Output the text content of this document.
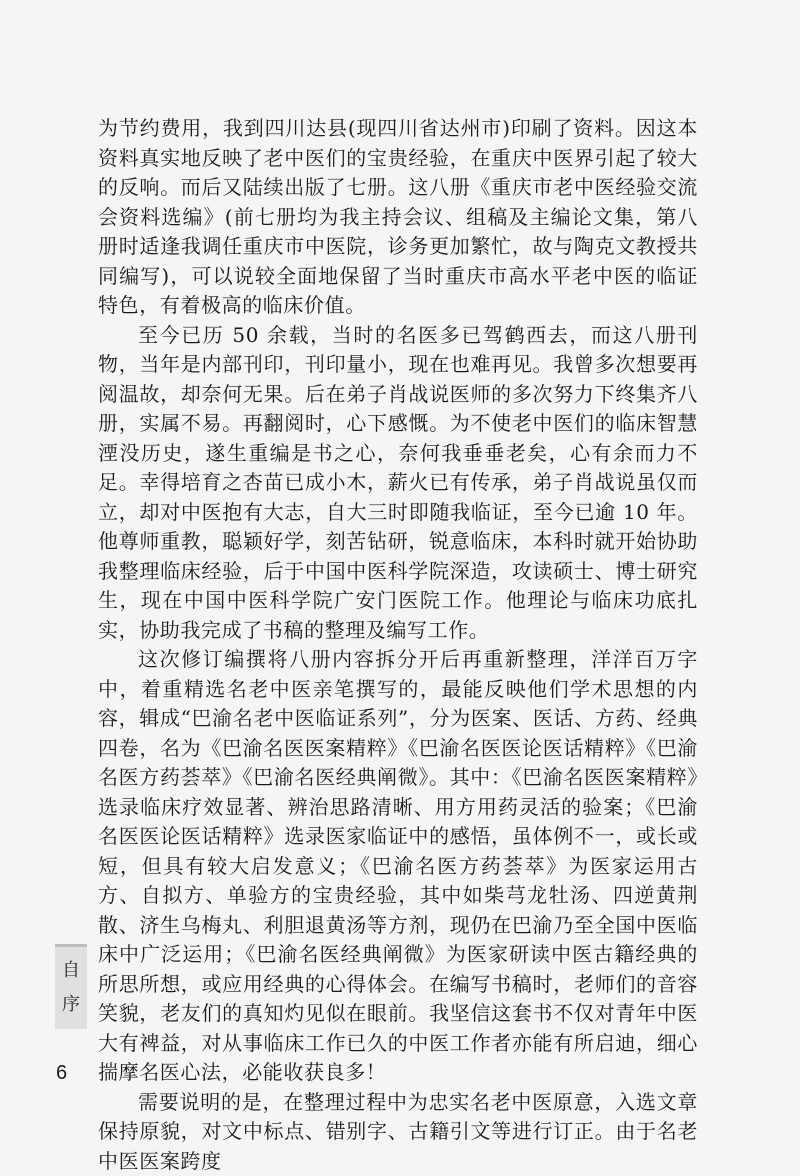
为节约费用，我到四川达县(现四川省达州市)印刷了资料。因这本资料真实地反映了老中医们的宝贵经验，在重庆中医界引起了较大的反响。而后又陆续出版了七册。这八册《重庆市老中医经验交流会资料选编》(前七册均为我主持会议、组稿及主编论文集，第八册时适逢我调任重庆市中医院，诊务更加繁忙，故与陶克文教授共同编写)，可以说较全面地保留了当时重庆市高水平老中医的临证特色，有着极高的临床价值。

至今已历 50 余载，当时的名医多已驾鹤西去，而这八册刊物，当年是内部刊印，刊印量小，现在也难再见。我曾多次想要再阅温故，却奈何无果。后在弟子肖战说医师的多次努力下终集齐八册，实属不易。再翻阅时，心下感慨。为不使老中医们的临床智慧湮没历史，遂生重编是书之心，奈何我垂垂老矣，心有余而力不足。幸得培育之杏苗已成小木，薪火已有传承，弟子肖战说虽仅而立，却对中医抱有大志，自大三时即随我临证，至今已逾 10 年。他尊师重教，聪颖好学，刻苦钻研，锐意临床，本科时就开始协助我整理临床经验，后于中国中医科学院深造，攻读硕士、博士研究生，现在中国中医科学院广安门医院工作。他理论与临床功底扎实，协助我完成了书稿的整理及编写工作。

这次修订编撰将八册内容拆分开后再重新整理，洋洋百万字中，着重精选名老中医亲笔撰写的，最能反映他们学术思想的内容，辑成“巴渝名老中医临证系列”，分为医案、医话、方药、经典四卷，名为《巴渝名医医案精粹》《巴渝名医医论医话精粹》《巴渝名医方药荟萃》《巴渝名医经典阐微》。其中：《巴渝名医医案精粹》选录临床疗效显著、辨治思路清晰、用方用药灵活的验案；《巴渝名医医论医话精粹》选录医家临证中的感悟，虽体例不一，或长或短，但具有较大启发意义；《巴渝名医方药荟萃》为医家运用古方、自拟方、单验方的宝贵经验，其中如柴芎龙牡汤、四逆黄荆散、济生乌梅丸、利胆退黄汤等方剂，现仍在巴渝乃至全国中医临床中广泛运用；《巴渝名医经典阐微》为医家研读中医古籍经典的所思所想，或应用经典的心得体会。在编写书稿时，老师们的音容笑貌，老友们的真知灼见似在眼前。我坚信这套书不仅对青年中医大有裨益，对从事临床工作已久的中医工作者亦能有所启迪，细心揣摩名医心法，必能收获良多！

需要说明的是，在整理过程中为忠实名老中医原意，入选文章保持原貌，对文中标点、错别字、古籍引文等进行订正。由于名老中医医案跨度

自
序
6
